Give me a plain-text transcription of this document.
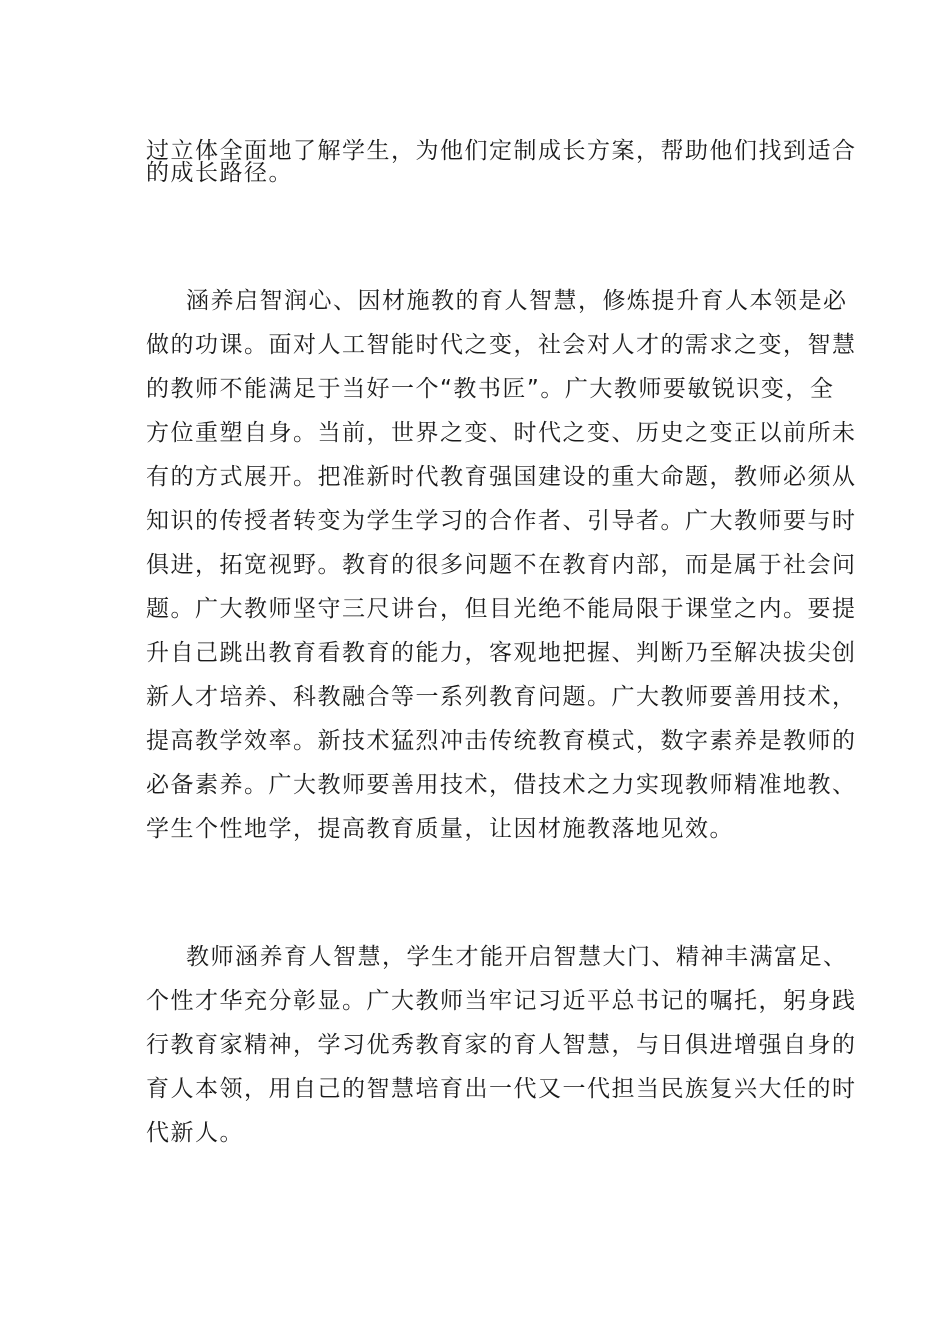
过立体全面地了解学生，为他们定制成长方案，帮助他们找到适合
的成长路径。
涵养启智润心、因材施教的育人智慧，修炼提升育人本领是必
做的功课。面对人工智能时代之变，社会对人才的需求之变，智慧
的教师不能满足于当好一个“教书匠”。广大教师要敏锐识变，全
方位重塑自身。当前，世界之变、时代之变、历史之变正以前所未
有的方式展开。把准新时代教育强国建设的重大命题，教师必须从
知识的传授者转变为学生学习的合作者、引导者。广大教师要与时
俱进，拓宽视野。教育的很多问题不在教育内部，而是属于社会问
题。广大教师坚守三尺讲台，但目光绝不能局限于课堂之内。要提
升自己跳出教育看教育的能力，客观地把握、判断乃至解决拔尖创
新人才培养、科教融合等一系列教育问题。广大教师要善用技术，
提高教学效率。新技术猛烈冲击传统教育模式，数字素养是教师的
必备素养。广大教师要善用技术，借技术之力实现教师精准地教、
学生个性地学，提高教育质量，让因材施教落地见效。
教师涵养育人智慧，学生才能开启智慧大门、精神丰满富足、
个性才华充分彰显。广大教师当牢记习近平总书记的嘱托，躬身践
行教育家精神，学习优秀教育家的育人智慧，与日俱进增强自身的
育人本领，用自己的智慧培育出一代又一代担当民族复兴大任的时
代新人。
